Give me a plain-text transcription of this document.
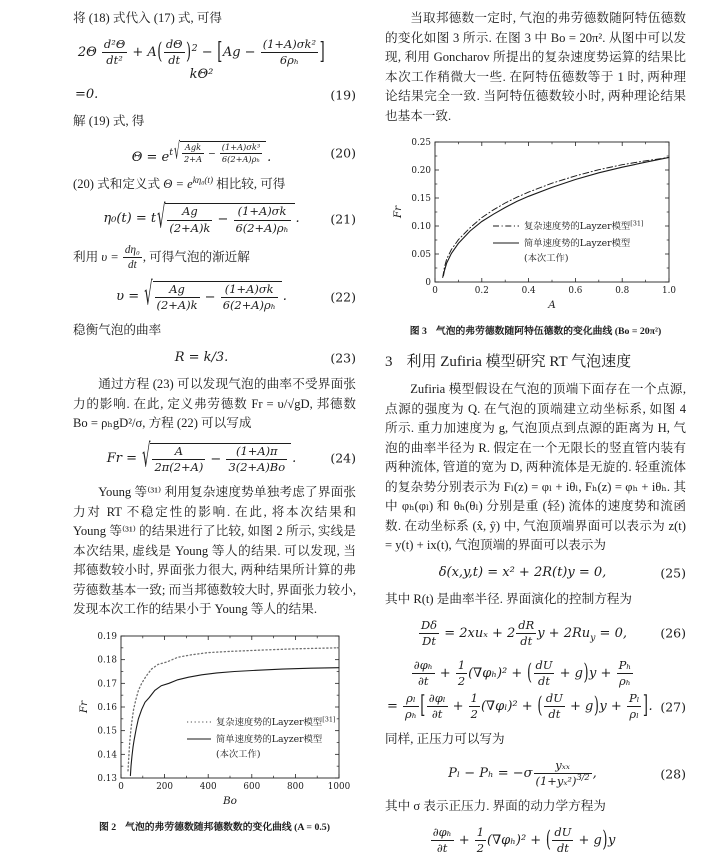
将 (18) 式代入 (17) 式, 可得

$2\Theta \frac{\text{d²Θ}}{\text{dt²}} + A( \frac{d\Theta}{dt} )^2 - [Ag - \frac{\text{(1+A)σk²}}{\text{6ρₕ}} ]k\Theta^2$
=0.	(19)

解 (19) 式, 得

$\Theta = e^{t √ Agk 2+A - \frac{\text{(1+A)σk³}}{\text{6(2+A)ρₕ}}}$ .	(20)

(20) 式和定义式 $\Theta = e^{k\eta_0(t)}$ 相比较, 可得

η₀(t) = t √ $\frac{Ag}{(2+A)k} - \frac{(1+A)\sigma k}{\text{6(2+A)ρₕ}}$ . (21)

利用 $\upsilon = \frac{\text{dη₀}}{dt}$ , 可得气泡的渐近解

υ = √ $\frac{Ag}{(2+A)k} - \frac{(1+A)\sigma k}{\text{6(2+A)ρₕ}}$ .	(22)

稳衡气泡的曲率

R = k/3.	(23)

通过方程 (23) 可以发现气泡的曲率不受界面张力的影响. 在此, 定义弗劳德数 Fr = υ/√gD, 邦德数 Bo = ρₕgD²/σ, 方程 (22) 可以写成

Fr = √ $\frac{A}{2\pi(2+A)} - \frac{(1+A)\pi}{3(2+A)Bo}$ .	(24)

Young 等⁽³¹⁾ 利用复杂速度势单独考虑了界面张力对 RT 不稳定性的影响. 在此, 将本次结果和 Young 等⁽³¹⁾ 的结果进行了比较, 如图 2 所示, 实线是本次结果, 虚线是 Young 等人的结果. 可以发现, 当邦德数较小时, 界面张力很大, 两种结果所计算的弗劳德数基本一致; 而当邦德数较大时, 界面张力较小, 发现本次工作的结果小于 Young 等人的结果.

0	200	400	600	800	1000
0.13
0.14
0.15
0.16
0.17
0.18
0.19
复杂速度势的Layzer模型[31]
简单速度势的Layzer模型
(本次工作)
Bo
Fr
图 2 气泡的弗劳德数随邦德数数的变化曲线 (A = 0.5)

当取邦德数一定时, 气泡的弗劳德数随阿特伍德数的变化如图 3 所示. 在图 3 中 Bo = 20π². 从图中可以发现, 利用 Goncharov 所提出的复杂速度势运算的结果比本次工作稍微大一些. 在阿特伍德数等于 1 时, 两种理论结果完全一致. 当阿特伍德数较小时, 两种理论结果也基本一致.

0	0.2	0.4	0.6	0.8	1.0
0
0.05
0.10
0.15
0.20
0.25
复杂速度势的Layzer模型[31]
简单速度势的Layzer模型
(本次工作)
A
Fr
图 3 气泡的弗劳德数随阿特伍德数的变化曲线 (Bo = 20π²)
3 利用 Zufiria 模型研究 RT 气泡速度

Zufiria 模型假设在气泡的顶端下面存在一个点源, 点源的强度为 Q. 在气泡的顶端建立动坐标系, 如图 4 所示. 重力加速度为 g, 气泡顶点到点源的距离为 H, 气泡的曲率半径为 R. 假定在一个无限长的竖直管内装有两种流体, 管道的宽为 D, 两种流体是无旋的. 轻重流体的复杂势分别表示为 Fₗ(z) = φₗ + iθₗ, Fₕ(z) = φₕ + iθₕ. 其中 φₕ(φₗ) 和 θₕ(θₗ) 分别是重 (轻) 流体的速度势和流函数. 在动坐标系 (x̂, ŷ) 中, 气泡顶端界面可以表示为 z(t) = y(t) + ix(t), 气泡顶端的界面可以表示为

δ(x,y,t) = x² + 2R(t)y = 0,	(25)

其中 R(t) 是曲率半径. 界面演化的控制方程为

$\frac{D\delta}{Dt} = 2xu_x + 2 \frac{dR}{dt}$ $y + 2Ru_y = 0$,	(26)
$\frac{\text{∂φₕ}}{\partial t} + \frac{1}{2} (\nabla\varphi_h)^2$ + ( $\frac{dU}{dt} + g)y + \frac{\text{Pₕ}}{\text{ρₕ}}$
= $\frac{\text{ρₗ}}{\text{ρₕ}}$ [ $\frac{\text{∂φₗ}}{\partial t} + \frac{1}{2} (\nabla\varphi_l)^2$ + ( $\frac{dU}{dt} + g)y + \frac{\text{Pₗ}}{\text{ρₗ}}$ ]. (27)

同样, 正压力可以写为

Pₗ − Pₕ = −σ
yₓₓ
$(1+y_x^2)^{3/2}$ ,	(28)

其中 σ 表示正压力. 界面的动力学方程为

$\frac{\text{∂φₕ}}{\partial t} + \frac{1}{2} (\nabla\varphi_h)^2$ + ( $\frac{dU}{dt} + g)y$
